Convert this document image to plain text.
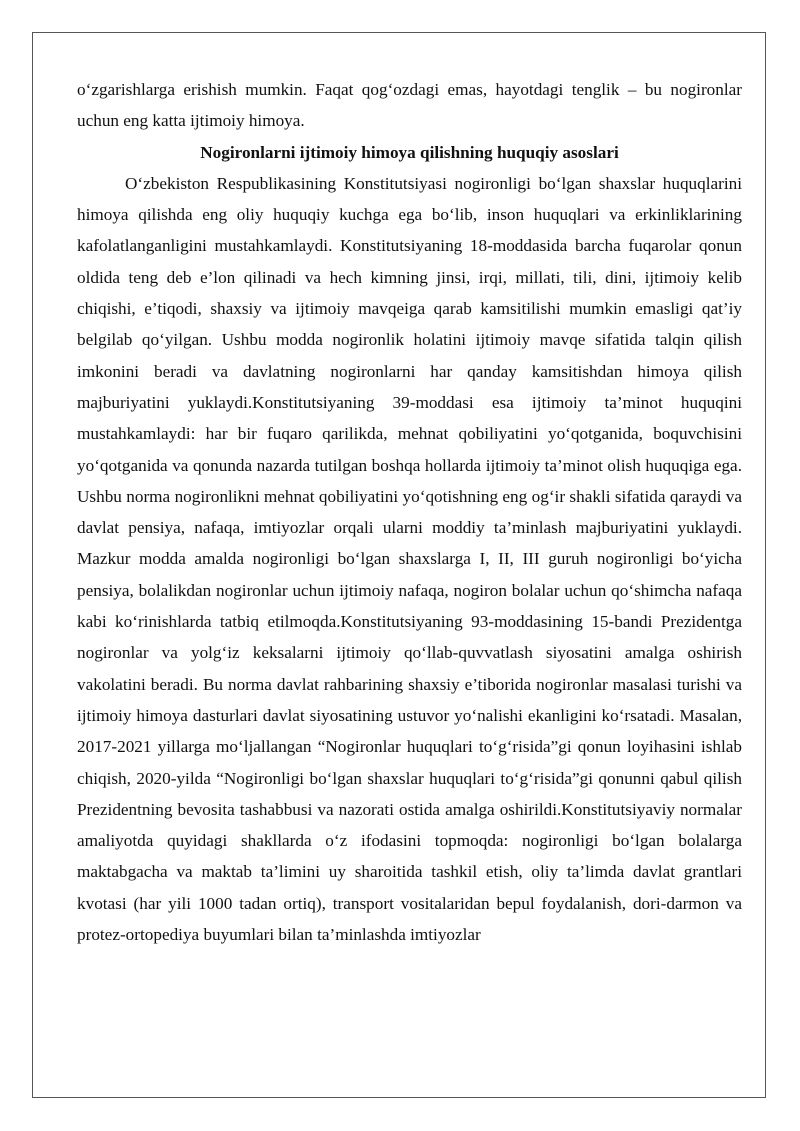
o‘zgarishlarga erishish mumkin. Faqat qog‘ozdagi emas, hayotdagi tenglik – bu nogironlar uchun eng katta ijtimoiy himoya.

Nogironlarni ijtimoiy himoya qilishning huquqiy asoslari

O‘zbekiston Respublikasining Konstitutsiyasi nogironligi bo‘lgan shaxslar huquqlarini himoya qilishda eng oliy huquqiy kuchga ega bo‘lib, inson huquqlari va erkinliklarining kafolatlanganligini mustahkamlaydi. Konstitutsiyaning 18-moddasida barcha fuqarolar qonun oldida teng deb e’lon qilinadi va hech kimning jinsi, irqi, millati, tili, dini, ijtimoiy kelib chiqishi, e’tiqodi, shaxsiy va ijtimoiy mavqeiga qarab kamsitilishi mumkin emasligi qat’iy belgilab qo‘yilgan. Ushbu modda nogironlik holatini ijtimoiy mavqe sifatida talqin qilish imkonini beradi va davlatning nogironlarni har qanday kamsitishdan himoya qilish majburiyatini yuklaydi.Konstitutsiyaning 39-moddasi esa ijtimoiy ta’minot huquqini mustahkamlaydi: har bir fuqaro qarilikda, mehnat qobiliyatini yo‘qotganida, boquvchisini yo‘qotganida va qonunda nazarda tutilgan boshqa hollarda ijtimoiy ta’minot olish huquqiga ega. Ushbu norma nogironlikni mehnat qobiliyatini yo‘qotishning eng og‘ir shakli sifatida qaraydi va davlat pensiya, nafaqa, imtiyozlar orqali ularni moddiy ta’minlash majburiyatini yuklaydi. Mazkur modda amalda nogironligi bo‘lgan shaxslarga I, II, III guruh nogironligi bo‘yicha pensiya, bolalikdan nogironlar uchun ijtimoiy nafaqa, nogiron bolalar uchun qo‘shimcha nafaqa kabi ko‘rinishlarda tatbiq etilmoqda.Konstitutsiyaning 93-moddasining 15-bandi Prezidentga nogironlar va yolg‘iz keksalarni ijtimoiy qo‘llab-quvvatlash siyosatini amalga oshirish vakolatini beradi. Bu norma davlat rahbarining shaxsiy e’tiborida nogironlar masalasi turishi va ijtimoiy himoya dasturlari davlat siyosatining ustuvor yo‘nalishi ekanligini ko‘rsatadi. Masalan, 2017-2021 yillarga mo‘ljallangan “Nogironlar huquqlari to‘g‘risida”gi qonun loyihasini ishlab chiqish, 2020-yilda “Nogironligi bo‘lgan shaxslar huquqlari to‘g‘risida”gi qonunni qabul qilish Prezidentning bevosita tashabbusi va nazorati ostida amalga oshirildi.Konstitutsiyaviy normalar amaliyotda quyidagi shakllarda o‘z ifodasini topmoqda: nogironligi bo‘lgan bolalarga maktabgacha va maktab ta’limini uy sharoitida tashkil etish, oliy ta’limda davlat grantlari kvotasi (har yili 1000 tadan ortiq), transport vositalaridan bepul foydalanish, dori-darmon va protez-ortopediya buyumlari bilan ta’minlashda imtiyozlar
